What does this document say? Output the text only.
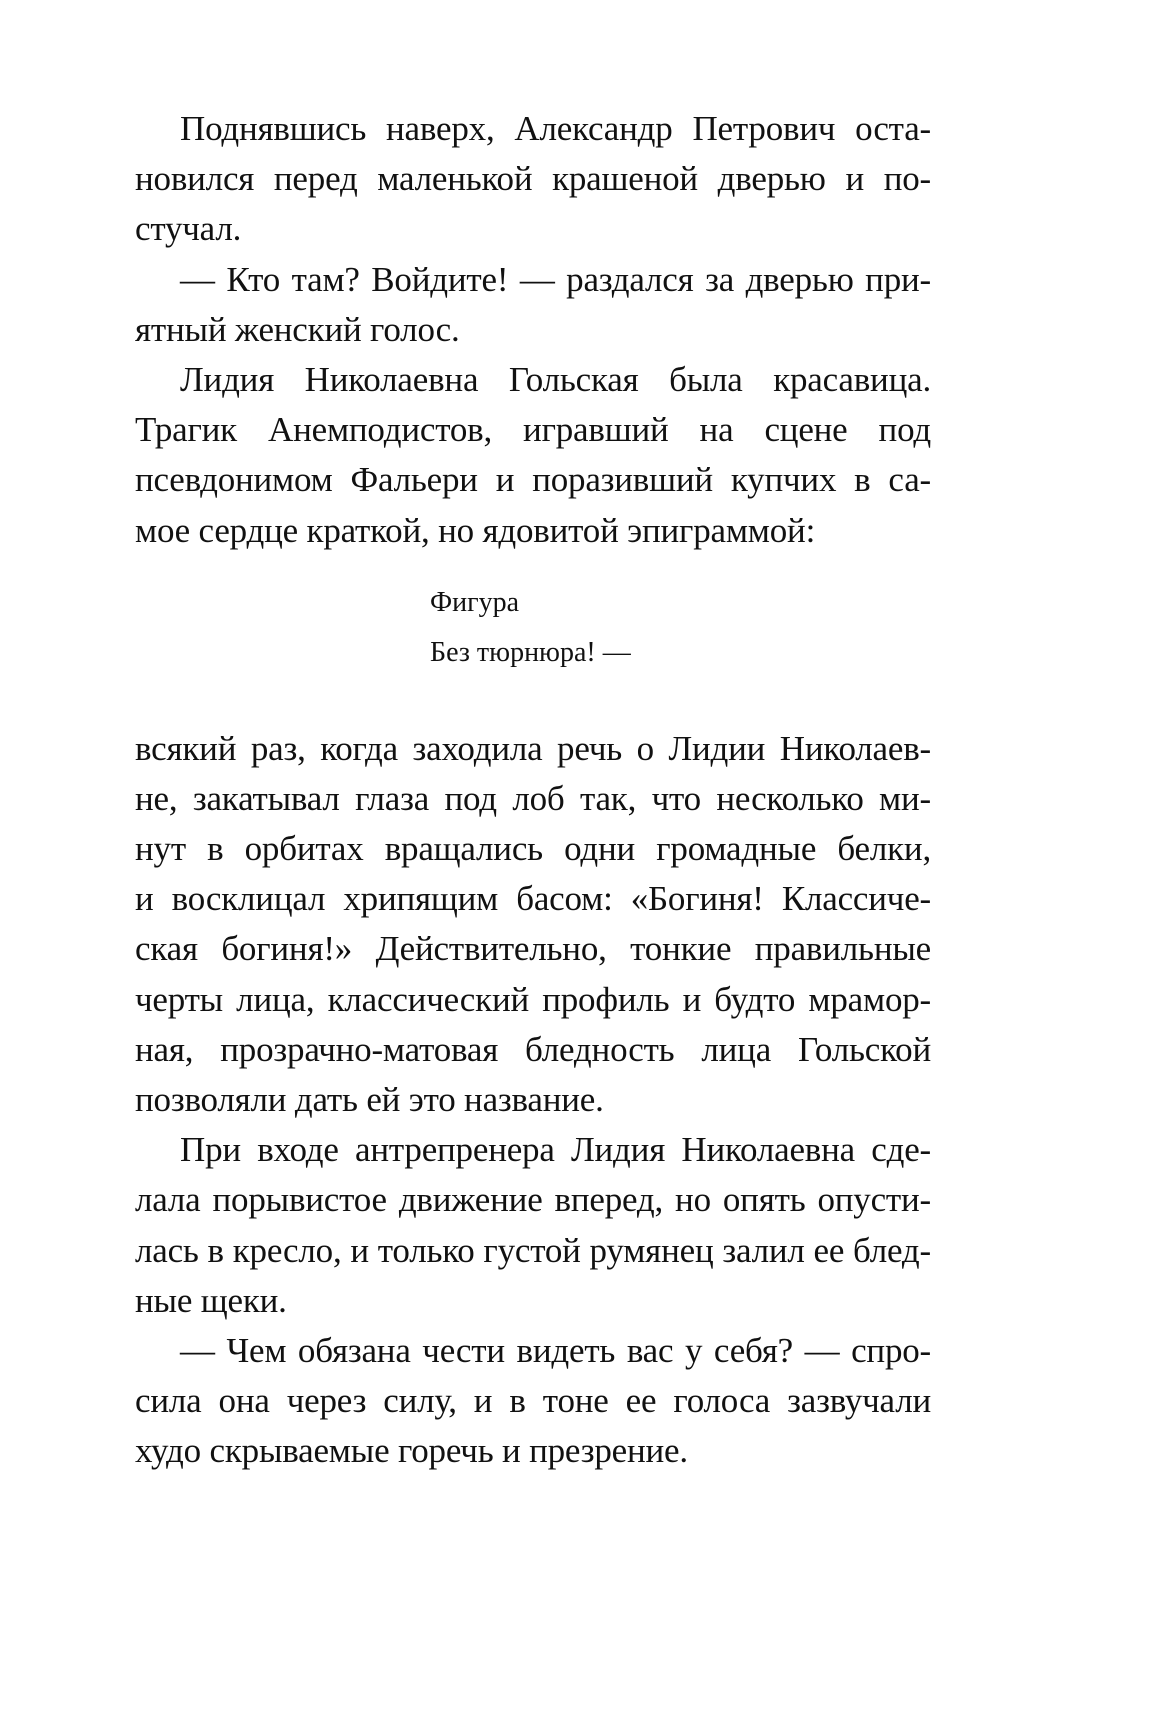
Поднявшись наверх, Александр Петрович оста-
новился перед маленькой крашеной дверью и по-
стучал.
— Кто там? Войдите! — раздался за дверью при-
ятный женский голос.
Лидия Николаевна Гольская была красавица.
Трагик Анемподистов, игравший на сцене под
псевдонимом Фальери и поразивший купчих в са-
мое сердце краткой, но ядовитой эпиграммой:
Фигура
Без тюрнюра! —
всякий раз, когда заходила речь о Лидии Николаев-
не, закатывал глаза под лоб так, что несколько ми-
нут в орбитах вращались одни громадные белки,
и восклицал хрипящим басом: «Богиня! Классиче-
ская богиня!» Действительно, тонкие правильные
черты лица, классический профиль и будто мрамор-
ная, прозрачно-матовая бледность лица Гольской
позволяли дать ей это название.
При входе антрепренера Лидия Николаевна сде-
лала порывистое движение вперед, но опять опусти-
лась в кресло, и только густой румянец залил ее блед-
ные щеки.
— Чем обязана чести видеть вас у себя? — спро-
сила она через силу, и в тоне ее голоса зазвучали
худо скрываемые горечь и презрение.
